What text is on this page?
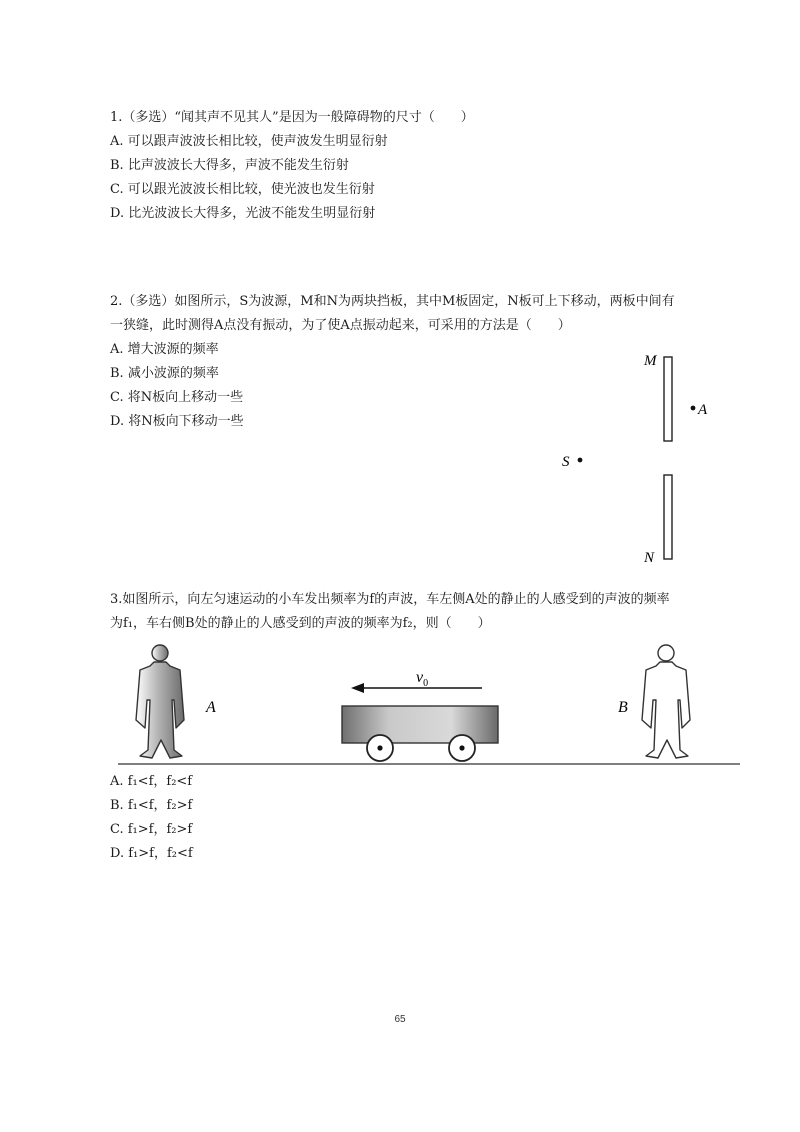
1.（多选）“闻其声不见其人”是因为一般障碍物的尺寸（　　）

A. 可以跟声波波长相比较，使声波发生明显衍射

B. 比声波波长大得多，声波不能发生衍射

C. 可以跟光波波长相比较，使光波也发生衍射

D. 比光波波长大得多，光波不能发生明显衍射

2.（多选）如图所示，S为波源，M和N为两块挡板，其中M板固定，N板可上下移动，两板中间有

一狭缝，此时测得A点没有振动，为了使A点振动起来，可采用的方法是（　　）

A. 增大波源的频率

B. 减小波源的频率

C. 将N板向上移动一些

D. 将N板向下移动一些

M
N
S
A

3.如图所示，向左匀速运动的小车发出频率为f的声波，车左侧A处的静止的人感受到的声波的频率

为f₁，车右侧B处的静止的人感受到的声波的频率为f₂，则（　　）

A
$v_0$
B

A. f₁<f，f₂<f

B. f₁<f，f₂>f

C. f₁>f，f₂>f

D. f₁>f，f₂<f

65
